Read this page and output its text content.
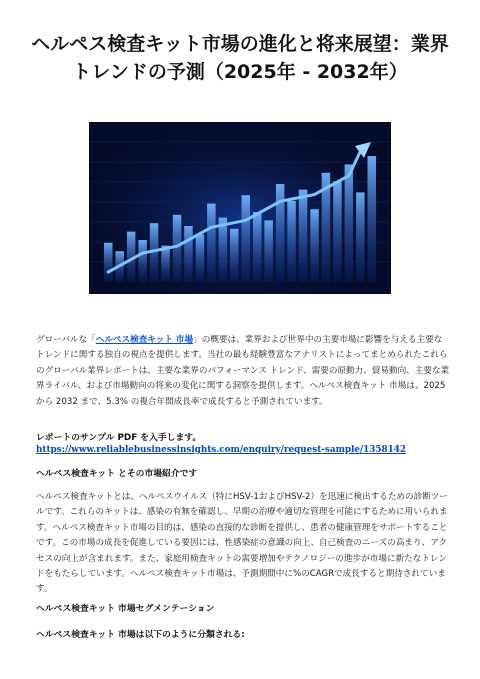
ヘルペス検査キット市場の進化と将来展望：業界トレンドの予測（2025年 - 2032年）

グローバルな「ヘルペス検査キット 市場」の概要は、業界および世界中の主要市場に影響を与える主要なトレンドに関する独自の視点を提供します。当社の最も経験豊富なアナリストによってまとめられたこれらのグローバル業界レポートは、主要な業界のパフォーマンス トレンド、需要の原動力、貿易動向、主要な業界ライバル、および市場動向の将来の変化に関する洞察を提供します。ヘルペス検査キット 市場は、2025 から 2032 まで、5.3% の複合年間成長率で成長すると予測されています。

レポートのサンプル PDF を入手します。

https://www.reliablebusinessinsights.com/enquiry/request-sample/1358142

ヘルペス検査キット とその市場紹介です

ヘルペス検査キットとは、ヘルペスウイルス（特にHSV-1およびHSV-2）を迅速に検出するための診断ツールです。これらのキットは、感染の有無を確認し、早期の治療や適切な管理を可能にするために用いられます。ヘルペス検査キット市場の目的は、感染の直接的な診断を提供し、患者の健康管理をサポートすることです。この市場の成長を促進している要因には、性感染症の意識の向上、自己検査のニーズの高まり、アクセスの向上が含まれます。また、家庭用検査キットの需要増加やテクノロジーの進歩が市場に新たなトレンドをもたらしています。ヘルペス検査キット市場は、予測期間中に%のCAGRで成長すると期待されています。

ヘルペス検査キット 市場セグメンテーション

ヘルペス検査キット 市場は以下のように分類される:
